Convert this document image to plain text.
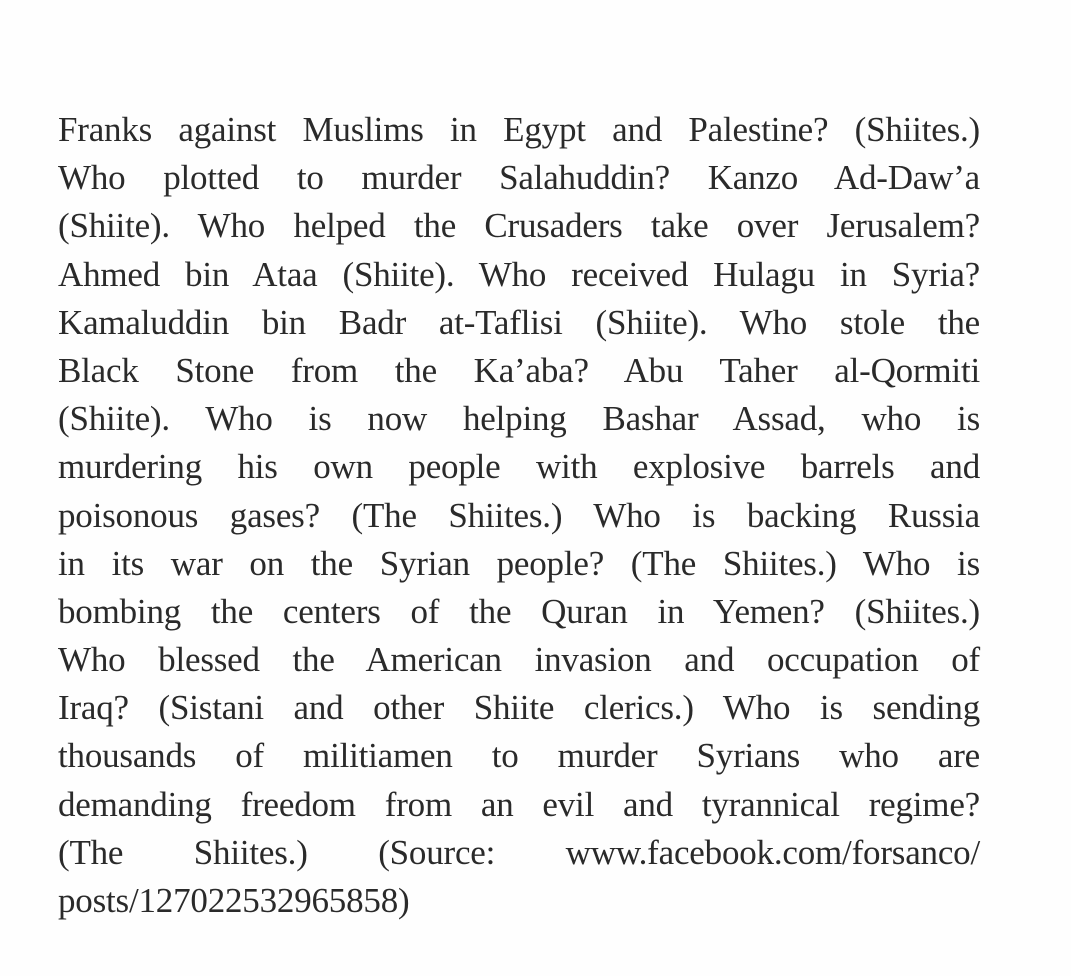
Franks against Muslims in Egypt and Palestine? (Shiites.)
Who plotted to murder Salahuddin? Kanzo Ad-Daw’a
(Shiite). Who helped the Crusaders take over Jerusalem?
Ahmed bin Ataa (Shiite). Who received Hulagu in Syria?
Kamaluddin bin Badr at-Taflisi (Shiite). Who stole the
Black Stone from the Ka’aba? Abu Taher al-Qormiti
(Shiite). Who is now helping Bashar Assad, who is
murdering his own people with explosive barrels and
poisonous gases? (The Shiites.) Who is backing Russia
in its war on the Syrian people? (The Shiites.) Who is
bombing the centers of the Quran in Yemen? (Shiites.)
Who blessed the American invasion and occupation of
Iraq? (Sistani and other Shiite clerics.) Who is sending
thousands of militiamen to murder Syrians who are
demanding freedom from an evil and tyrannical regime?
(The Shiites.) (Source: www.facebook.com/forsanco/
posts/127022532965858)
